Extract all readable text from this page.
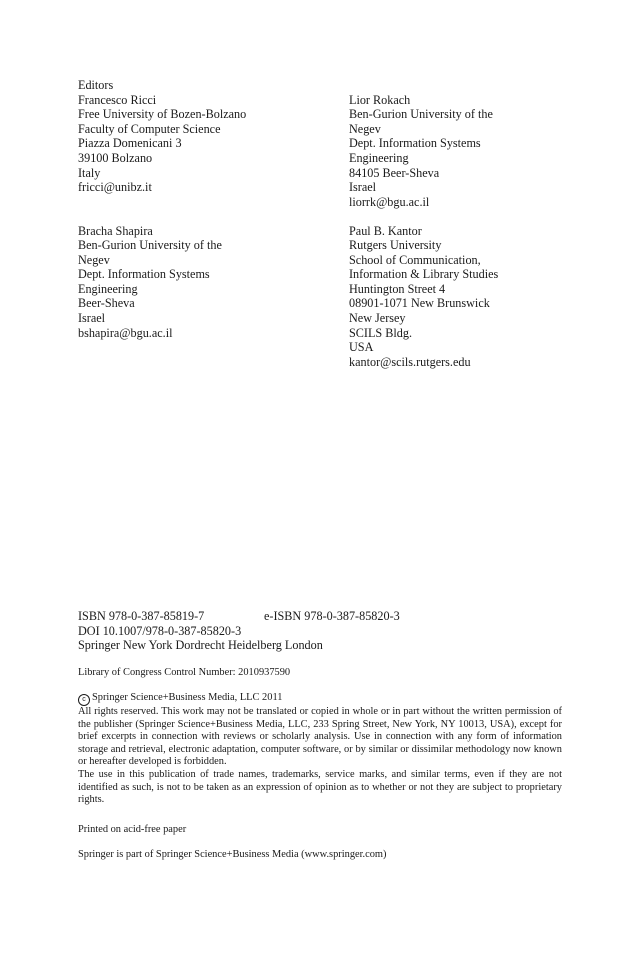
Editors
Francesco Ricci
Free University of Bozen-Bolzano
Faculty of Computer Science
Piazza Domenicani 3
39100 Bolzano
Italy
fricci@unibz.it
Lior Rokach
Ben-Gurion University of the
Negev
Dept. Information Systems
Engineering
84105 Beer-Sheva
Israel
liorrk@bgu.ac.il
Bracha Shapira
Ben-Gurion University of the
Negev
Dept. Information Systems
Engineering
Beer-Sheva
Israel
bshapira@bgu.ac.il
Paul B. Kantor
Rutgers University
School of Communication,
Information & Library Studies
Huntington Street 4
08901-1071 New Brunswick
New Jersey
SCILS Bldg.
USA
kantor@scils.rutgers.edu
ISBN 978-0-387-85819-7	e-ISBN 978-0-387-85820-3
DOI 10.1007/978-0-387-85820-3
Springer New York Dordrecht Heidelberg London
Library of Congress Control Number: 2010937590
c Springer Science+Business Media, LLC 2011
All rights reserved. This work may not be translated or copied in whole or in part without the written permission of the publisher (Springer Science+Business Media, LLC, 233 Spring Street, New York, NY 10013, USA), except for brief excerpts in connection with reviews or scholarly analysis. Use in connection with any form of information storage and retrieval, electronic adaptation, computer software, or by similar or dissimilar methodology now known or hereafter developed is forbidden.
The use in this publication of trade names, trademarks, service marks, and similar terms, even if they are not identified as such, is not to be taken as an expression of opinion as to whether or not they are subject to proprietary rights.
Printed on acid-free paper
Springer is part of Springer Science+Business Media (www.springer.com)
